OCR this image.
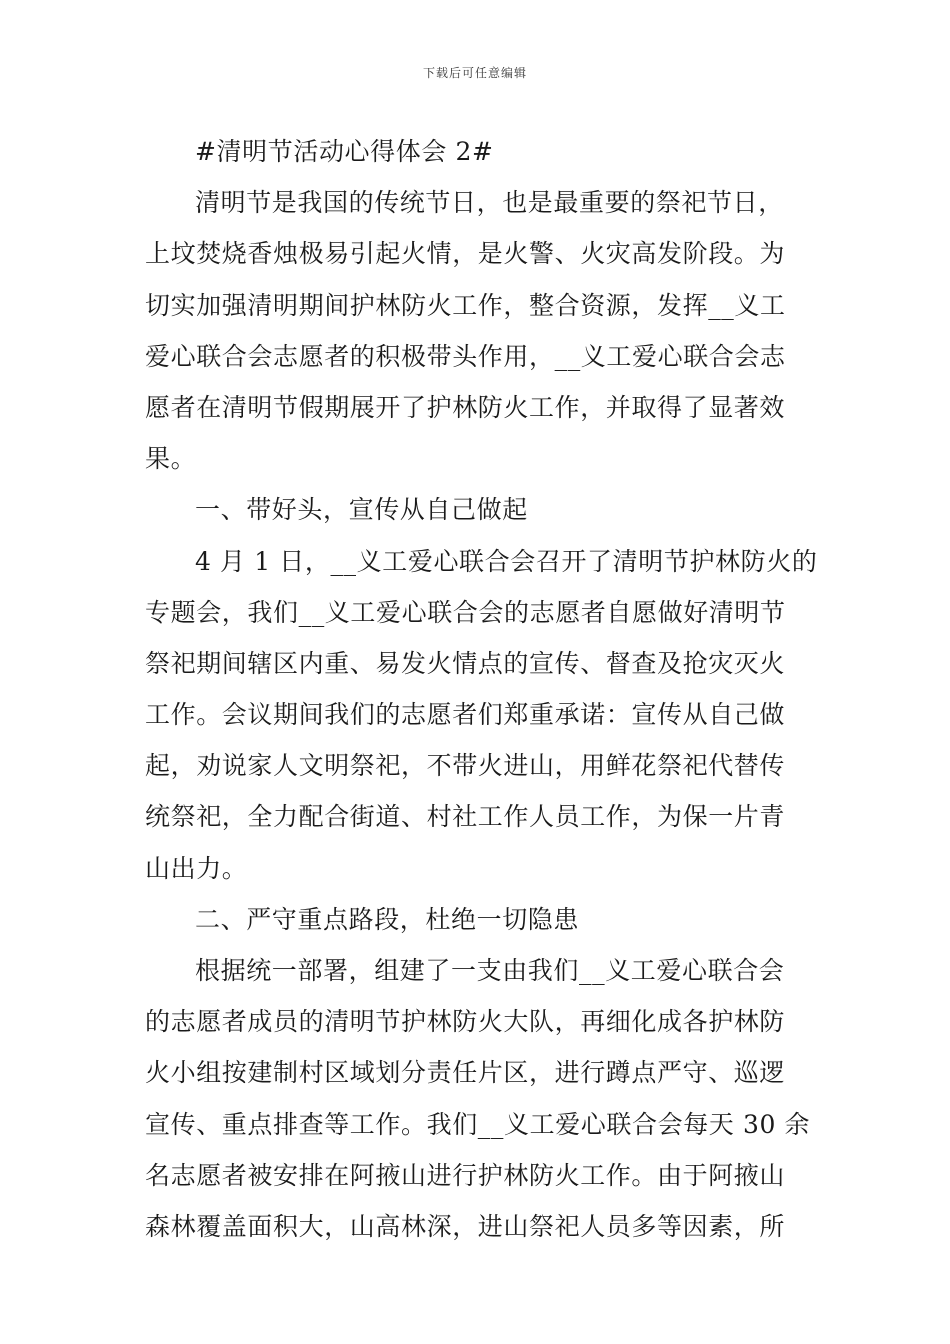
下载后可任意编辑
#清明节活动心得体会 2#
清明节是我国的传统节日，也是最重要的祭祀节日，
上坟焚烧香烛极易引起火情，是火警、火灾高发阶段。为
切实加强清明期间护林防火工作，整合资源，发挥__义工
爱心联合会志愿者的积极带头作用，__义工爱心联合会志
愿者在清明节假期展开了护林防火工作，并取得了显著效
果。
一、带好头，宣传从自己做起
4 月 1 日，__义工爱心联合会召开了清明节护林防火的
专题会，我们__义工爱心联合会的志愿者自愿做好清明节
祭祀期间辖区内重、易发火情点的宣传、督查及抢灾灭火
工作。会议期间我们的志愿者们郑重承诺：宣传从自己做
起，劝说家人文明祭祀，不带火进山，用鲜花祭祀代替传
统祭祀，全力配合街道、村社工作人员工作，为保一片青
山出力。
二、严守重点路段，杜绝一切隐患
根据统一部署，组建了一支由我们__义工爱心联合会
的志愿者成员的清明节护林防火大队，再细化成各护林防
火小组按建制村区域划分责任片区，进行蹲点严守、巡逻
宣传、重点排查等工作。我们__义工爱心联合会每天 30 余
名志愿者被安排在阿掖山进行护林防火工作。由于阿掖山
森林覆盖面积大，山高林深，进山祭祀人员多等因素，所
